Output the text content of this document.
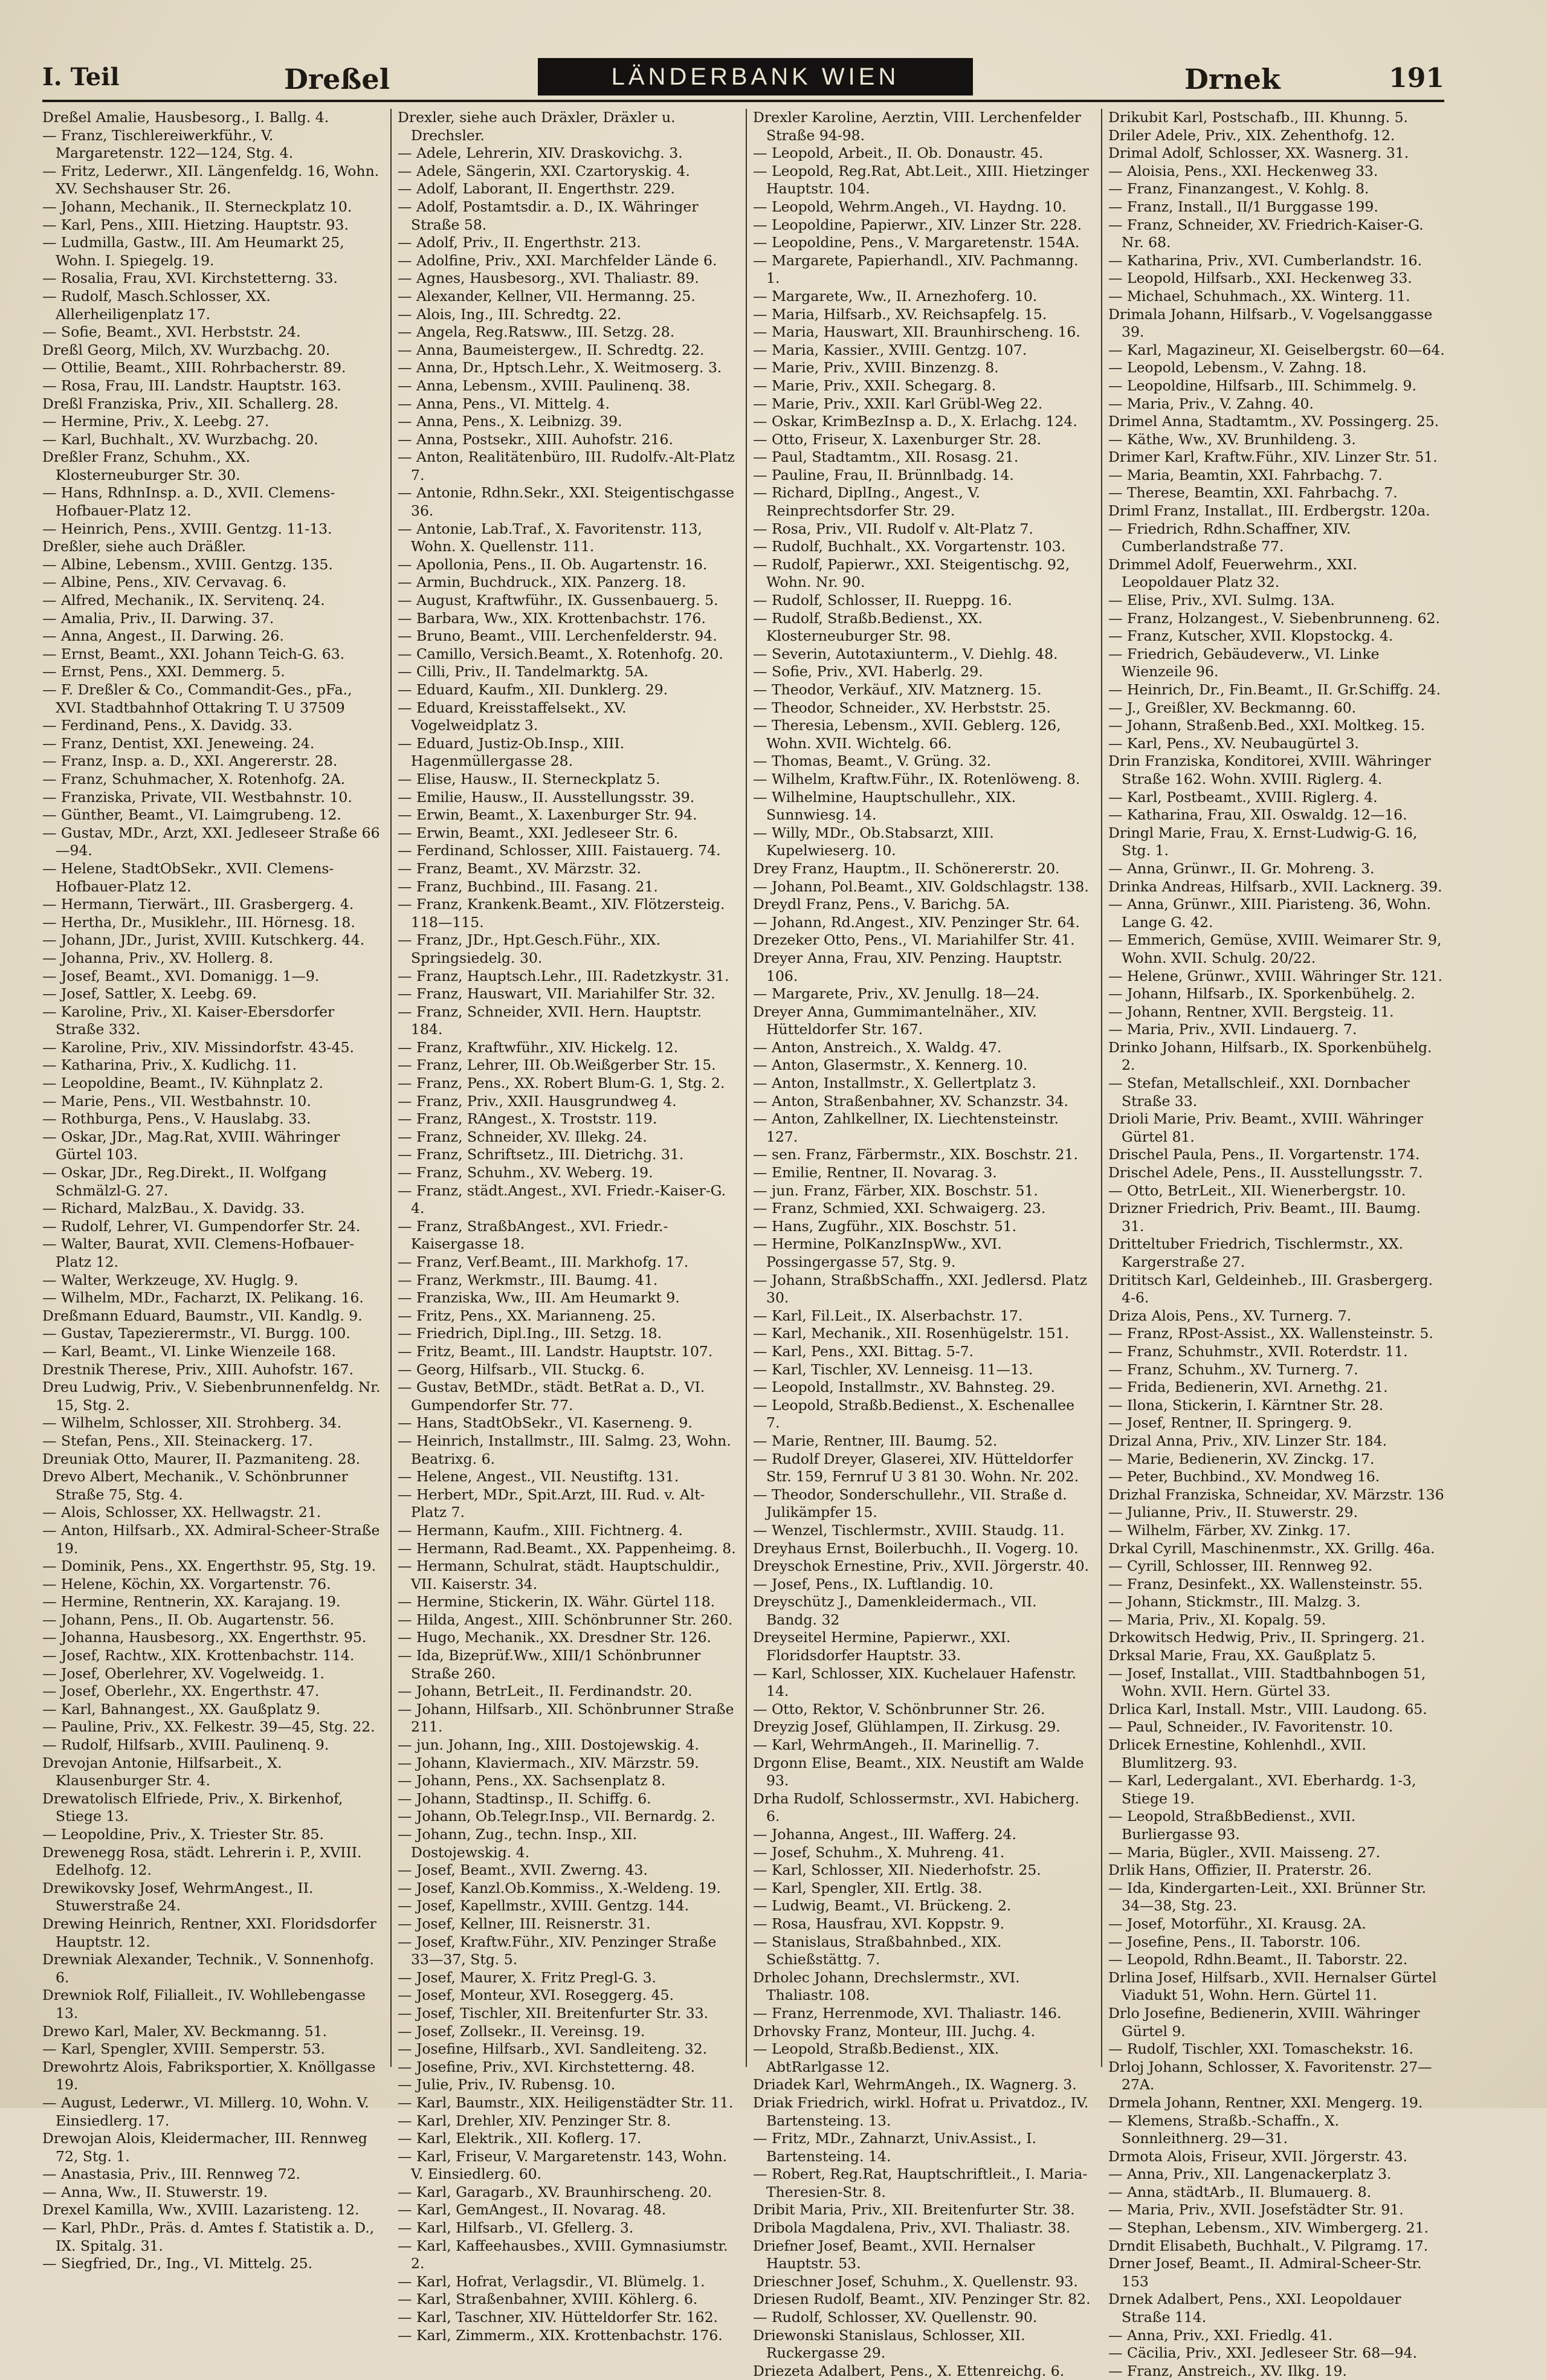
I. Teil	Dreßel	LÄNDERBANK WIEN	Drnek	191

Dreßel Amalie, Hausbesorg., I. Ballg. 4.

— Franz, Tischlereiwerkführ., V. Margaretenstr. 122—124, Stg. 4.

— Fritz, Lederwr., XII. Längenfeldg. 16, Wohn. XV. Sechshauser Str. 26.

— Johann, Mechanik., II. Sterneckplatz 10.

— Karl, Pens., XIII. Hietzing. Hauptstr. 93.

— Ludmilla, Gastw., III. Am Heumarkt 25, Wohn. I. Spiegelg. 19.

— Rosalia, Frau, XVI. Kirchstetterng. 33.

— Rudolf, Masch.Schlosser, XX. Allerheiligenplatz 17.

— Sofie, Beamt., XVI. Herbststr. 24.

Dreßl Georg, Milch, XV. Wurzbachg. 20.

— Ottilie, Beamt., XIII. Rohrbacherstr. 89.

— Rosa, Frau, III. Landstr. Hauptstr. 163.

Dreßl Franziska, Priv., XII. Schallerg. 28.

— Hermine, Priv., X. Leebg. 27.

— Karl, Buchhalt., XV. Wurzbachg. 20.

Dreßler Franz, Schuhm., XX. Klosterneuburger Str. 30.

— Hans, RdhnInsp. a. D., XVII. Clemens-Hofbauer-Platz 12.

— Heinrich, Pens., XVIII. Gentzg. 11-13.

Dreßler, siehe auch Dräßler.

— Albine, Lebensm., XVIII. Gentzg. 135.

— Albine, Pens., XIV. Cervavag. 6.

— Alfred, Mechanik., IX. Servitenq. 24.

— Amalia, Priv., II. Darwing. 37.

— Anna, Angest., II. Darwing. 26.

— Ernst, Beamt., XXI. Johann Teich-G. 63.

— Ernst, Pens., XXI. Demmerg. 5.

— F. Dreßler & Co., Commandit-Ges., pFa., XVI. Stadtbahnhof Ottakring T. U 37509

— Ferdinand, Pens., X. Davidg. 33.

— Franz, Dentist, XXI. Jeneweing. 24.

— Franz, Insp. a. D., XXI. Angererstr. 28.

— Franz, Schuhmacher, X. Rotenhofg. 2A.

— Franziska, Private, VII. Westbahnstr. 10.

— Günther, Beamt., VI. Laimgrubeng. 12.

— Gustav, MDr., Arzt, XXI. Jedleseer Straße 66—94.

— Helene, StadtObSekr., XVII. Clemens-Hofbauer-Platz 12.

— Hermann, Tierwärt., III. Grasbergerg. 4.

— Hertha, Dr., Musiklehr., III. Hörnesg. 18.

— Johann, JDr., Jurist, XVIII. Kutschkerg. 44.

— Johanna, Priv., XV. Hollerg. 8.

— Josef, Beamt., XVI. Domanigg. 1—9.

— Josef, Sattler, X. Leebg. 69.

— Karoline, Priv., XI. Kaiser-Ebersdorfer Straße 332.

— Karoline, Priv., XIV. Missindorfstr. 43-45.

— Katharina, Priv., X. Kudlichg. 11.

— Leopoldine, Beamt., IV. Kühnplatz 2.

— Marie, Pens., VII. Westbahnstr. 10.

— Rothburga, Pens., V. Hauslabg. 33.

— Oskar, JDr., Mag.Rat, XVIII. Währinger Gürtel 103.

— Oskar, JDr., Reg.Direkt., II. Wolfgang Schmälzl-G. 27.

— Richard, MalzBau., X. Davidg. 33.

— Rudolf, Lehrer, VI. Gumpendorfer Str. 24.

— Walter, Baurat, XVII. Clemens-Hofbauer-Platz 12.

— Walter, Werkzeuge, XV. Huglg. 9.

— Wilhelm, MDr., Facharzt, IX. Pelikang. 16.

Dreßmann Eduard, Baumstr., VII. Kandlg. 9.

— Gustav, Tapezierermstr., VI. Burgg. 100.

— Karl, Beamt., VI. Linke Wienzeile 168.

Drestnik Therese, Priv., XIII. Auhofstr. 167.

Dreu Ludwig, Priv., V. Siebenbrunnenfeldg. Nr. 15, Stg. 2.

— Wilhelm, Schlosser, XII. Strohberg. 34.

— Stefan, Pens., XII. Steinackerg. 17.

Dreuniak Otto, Maurer, II. Pazmaniteng. 28.

Drevo Albert, Mechanik., V. Schönbrunner Straße 75, Stg. 4.

— Alois, Schlosser, XX. Hellwagstr. 21.

— Anton, Hilfsarb., XX. Admiral-Scheer-Straße 19.

— Dominik, Pens., XX. Engerthstr. 95, Stg. 19.

— Helene, Köchin, XX. Vorgartenstr. 76.

— Hermine, Rentnerin, XX. Karajang. 19.

— Johann, Pens., II. Ob. Augartenstr. 56.

— Johanna, Hausbesorg., XX. Engerthstr. 95.

— Josef, Rachtw., XIX. Krottenbachstr. 114.

— Josef, Oberlehrer, XV. Vogelweidg. 1.

— Josef, Oberlehr., XX. Engerthstr. 47.

— Karl, Bahnangest., XX. Gaußplatz 9.

— Pauline, Priv., XX. Felkestr. 39—45, Stg. 22.

— Rudolf, Hilfsarb., XVIII. Paulinenq. 9.

Drevojan Antonie, Hilfsarbeit., X. Klausenburger Str. 4.

Drewatolisch Elfriede, Priv., X. Birkenhof, Stiege 13.

— Leopoldine, Priv., X. Triester Str. 85.

Drewenegg Rosa, städt. Lehrerin i. P., XVIII. Edelhofg. 12.

Drewikovsky Josef, WehrmAngest., II. Stuwerstraße 24.

Drewing Heinrich, Rentner, XXI. Floridsdorfer Hauptstr. 12.

Drewniak Alexander, Technik., V. Sonnenhofg. 6.

Drewniok Rolf, Filialleit., IV. Wohllebengasse 13.

Drewo Karl, Maler, XV. Beckmanng. 51.

— Karl, Spengler, XVIII. Semperstr. 53.

Drewohrtz Alois, Fabriksportier, X. Knöllgasse 19.

— August, Lederwr., VI. Millerg. 10, Wohn. V. Einsiedlerg. 17.

Drewojan Alois, Kleidermacher, III. Rennweg 72, Stg. 1.

— Anastasia, Priv., III. Rennweg 72.

— Anna, Ww., II. Stuwerstr. 19.

Drexel Kamilla, Ww., XVIII. Lazaristeng. 12.

— Karl, PhDr., Präs. d. Amtes f. Statistik a. D., IX. Spitalg. 31.

— Siegfried, Dr., Ing., VI. Mittelg. 25.

Drexler, siehe auch Dräxler, Dräxler u. Drechsler.

— Adele, Lehrerin, XIV. Draskovichg. 3.

— Adele, Sängerin, XXI. Czartoryskig. 4.

— Adolf, Laborant, II. Engerthstr. 229.

— Adolf, Postamtsdir. a. D., IX. Währinger Straße 58.

— Adolf, Priv., II. Engerthstr. 213.

— Adolfine, Priv., XXI. Marchfelder Lände 6.

— Agnes, Hausbesorg., XVI. Thaliastr. 89.

— Alexander, Kellner, VII. Hermanng. 25.

— Alois, Ing., III. Schredtg. 22.

— Angela, Reg.Ratsww., III. Setzg. 28.

— Anna, Baumeistergew., II. Schredtg. 22.

— Anna, Dr., Hptsch.Lehr., X. Weitmoserg. 3.

— Anna, Lebensm., XVIII. Paulinenq. 38.

— Anna, Pens., VI. Mittelg. 4.

— Anna, Pens., X. Leibnizg. 39.

— Anna, Postsekr., XIII. Auhofstr. 216.

— Anton, Realitätenbüro, III. Rudolfv.-Alt-Platz 7.

— Antonie, Rdhn.Sekr., XXI. Steigentischgasse 36.

— Antonie, Lab.Traf., X. Favoritenstr. 113, Wohn. X. Quellenstr. 111.

— Apollonia, Pens., II. Ob. Augartenstr. 16.

— Armin, Buchdruck., XIX. Panzerg. 18.

— August, Kraftwführ., IX. Gussenbauerg. 5.

— Barbara, Ww., XIX. Krottenbachstr. 176.

— Bruno, Beamt., VIII. Lerchenfelderstr. 94.

— Camillo, Versich.Beamt., X. Rotenhofg. 20.

— Cilli, Priv., II. Tandelmarktg. 5A.

— Eduard, Kaufm., XII. Dunklerg. 29.

— Eduard, Kreisstaffelsekt., XV. Vogelweidplatz 3.

— Eduard, Justiz-Ob.Insp., XIII. Hagenmüllergasse 28.

— Elise, Hausw., II. Sterneckplatz 5.

— Emilie, Hausw., II. Ausstellungsstr. 39.

— Erwin, Beamt., X. Laxenburger Str. 94.

— Erwin, Beamt., XXI. Jedleseer Str. 6.

— Ferdinand, Schlosser, XIII. Faistauerg. 74.

— Franz, Beamt., XV. Märzstr. 32.

— Franz, Buchbind., III. Fasang. 21.

— Franz, Krankenk.Beamt., XIV. Flötzersteig. 118—115.

— Franz, JDr., Hpt.Gesch.Führ., XIX. Springsiedelg. 30.

— Franz, Hauptsch.Lehr., III. Radetzkystr. 31.

— Franz, Hauswart, VII. Mariahilfer Str. 32.

— Franz, Schneider, XVII. Hern. Hauptstr. 184.

— Franz, Kraftwführ., XIV. Hickelg. 12.

— Franz, Lehrer, III. Ob.Weißgerber Str. 15.

— Franz, Pens., XX. Robert Blum-G. 1, Stg. 2.

— Franz, Priv., XXII. Hausgrundweg 4.

— Franz, RAngest., X. Troststr. 119.

— Franz, Schneider, XV. Illekg. 24.

— Franz, Schriftsetz., III. Dietrichg. 31.

— Franz, Schuhm., XV. Weberg. 19.

— Franz, städt.Angest., XVI. Friedr.-Kaiser-G. 4.

— Franz, StraßbAngest., XVI. Friedr.-Kaisergasse 18.

— Franz, Verf.Beamt., III. Markhofg. 17.

— Franz, Werkmstr., III. Baumg. 41.

— Franziska, Ww., III. Am Heumarkt 9.

— Fritz, Pens., XX. Marianneng. 25.

— Friedrich, Dipl.Ing., III. Setzg. 18.

— Fritz, Beamt., III. Landstr. Hauptstr. 107.

— Georg, Hilfsarb., VII. Stuckg. 6.

— Gustav, BetMDr., städt. BetRat a. D., VI. Gumpendorfer Str. 77.

— Hans, StadtObSekr., VI. Kaserneng. 9.

— Heinrich, Installmstr., III. Salmg. 23, Wohn. Beatrixg. 6.

— Helene, Angest., VII. Neustiftg. 131.

— Herbert, MDr., Spit.Arzt, III. Rud. v. Alt-Platz 7.

— Hermann, Kaufm., XIII. Fichtnerg. 4.

— Hermann, Rad.Beamt., XX. Pappenheimg. 8.

— Hermann, Schulrat, städt. Hauptschuldir., VII. Kaiserstr. 34.

— Hermine, Stickerin, IX. Währ. Gürtel 118.

— Hilda, Angest., XIII. Schönbrunner Str. 260.

— Hugo, Mechanik., XX. Dresdner Str. 126.

— Ida, Bizeprüf.Ww., XIII/1 Schönbrunner Straße 260.

— Johann, BetrLeit., II. Ferdinandstr. 20.

— Johann, Hilfsarb., XII. Schönbrunner Straße 211.

— jun. Johann, Ing., XIII. Dostojewskig. 4.

— Johann, Klaviermach., XIV. Märzstr. 59.

— Johann, Pens., XX. Sachsenplatz 8.

— Johann, Stadtinsp., II. Schiffg. 6.

— Johann, Ob.Telegr.Insp., VII. Bernardg. 2.

— Johann, Zug., techn. Insp., XII. Dostojewskig. 4.

— Josef, Beamt., XVII. Zwerng. 43.

— Josef, Kanzl.Ob.Kommiss., X.-Weldeng. 19.

— Josef, Kapellmstr., XVIII. Gentzg. 144.

— Josef, Kellner, III. Reisnerstr. 31.

— Josef, Kraftw.Führ., XIV. Penzinger Straße 33—37, Stg. 5.

— Josef, Maurer, X. Fritz Pregl-G. 3.

— Josef, Monteur, XVI. Roseggerg. 45.

— Josef, Tischler, XII. Breitenfurter Str. 33.

— Josef, Zollsekr., II. Vereinsg. 19.

— Josefine, Hilfsarb., XVI. Sandleiteng. 32.

— Josefine, Priv., XVI. Kirchstetterng. 48.

— Julie, Priv., IV. Rubensg. 10.

— Karl, Baumstr., XIX. Heiligenstädter Str. 11.

— Karl, Drehler, XIV. Penzinger Str. 8.

— Karl, Elektrik., XII. Koflerg. 17.

— Karl, Friseur, V. Margaretenstr. 143, Wohn. V. Einsiedlerg. 60.

— Karl, Garagarb., XV. Braunhirscheng. 20.

— Karl, GemAngest., II. Novarag. 48.

— Karl, Hilfsarb., VI. Gfellerg. 3.

— Karl, Kaffeehausbes., XVIII. Gymnasiumstr. 2.

— Karl, Hofrat, Verlagsdir., VI. Blümelg. 1.

— Karl, Straßenbahner, XVIII. Köhlerg. 6.

— Karl, Taschner, XIV. Hütteldorfer Str. 162.

— Karl, Zimmerm., XIX. Krottenbachstr. 176.

Drexler Karoline, Aerztin, VIII. Lerchenfelder Straße 94-98.

— Leopold, Arbeit., II. Ob. Donaustr. 45.

— Leopold, Reg.Rat, Abt.Leit., XIII. Hietzinger Hauptstr. 104.

— Leopold, Wehrm.Angeh., VI. Haydng. 10.

— Leopoldine, Papierwr., XIV. Linzer Str. 228.

— Leopoldine, Pens., V. Margaretenstr. 154A.

— Margarete, Papierhandl., XIV. Pachmanng. 1.

— Margarete, Ww., II. Arnezhoferg. 10.

— Maria, Hilfsarb., XV. Reichsapfelg. 15.

— Maria, Hauswart, XII. Braunhirscheng. 16.

— Maria, Kassier., XVIII. Gentzg. 107.

— Marie, Priv., XVIII. Binzenzg. 8.

— Marie, Priv., XXII. Schegarg. 8.

— Marie, Priv., XXII. Karl Grübl-Weg 22.

— Oskar, KrimBezInsp a. D., X. Erlachg. 124.

— Otto, Friseur, X. Laxenburger Str. 28.

— Paul, Stadtamtm., XII. Rosasg. 21.

— Pauline, Frau, II. Brünnlbadg. 14.

— Richard, DiplIng., Angest., V. Reinprechtsdorfer Str. 29.

— Rosa, Priv., VII. Rudolf v. Alt-Platz 7.

— Rudolf, Buchhalt., XX. Vorgartenstr. 103.

— Rudolf, Papierwr., XXI. Steigentischg. 92, Wohn. Nr. 90.

— Rudolf, Schlosser, II. Rueppg. 16.

— Rudolf, Straßb.Bedienst., XX. Klosterneuburger Str. 98.

— Severin, Autotaxiunterm., V. Diehlg. 48.

— Sofie, Priv., XVI. Haberlg. 29.

— Theodor, Verkäuf., XIV. Matznerg. 15.

— Theodor, Schneider., XV. Herbststr. 25.

— Theresia, Lebensm., XVII. Geblerg. 126, Wohn. XVII. Wichtelg. 66.

— Thomas, Beamt., V. Grüng. 32.

— Wilhelm, Kraftw.Führ., IX. Rotenlöweng. 8.

— Wilhelmine, Hauptschullehr., XIX. Sunnwiesg. 14.

— Willy, MDr., Ob.Stabsarzt, XIII. Kupelwieserg. 10.

Drey Franz, Hauptm., II. Schönererstr. 20.

— Johann, Pol.Beamt., XIV. Goldschlagstr. 138.

Dreydl Franz, Pens., V. Barichg. 5A.

— Johann, Rd.Angest., XIV. Penzinger Str. 64.

Drezeker Otto, Pens., VI. Mariahilfer Str. 41.

Dreyer Anna, Frau, XIV. Penzing. Hauptstr. 106.

— Margarete, Priv., XV. Jenullg. 18—24.

Dreyer Anna, Gummimantelnäher., XIV. Hütteldorfer Str. 167.

— Anton, Anstreich., X. Waldg. 47.

— Anton, Glasermstr., X. Kennerg. 10.

— Anton, Installmstr., X. Gellertplatz 3.

— Anton, Straßenbahner, XV. Schanzstr. 34.

— Anton, Zahlkellner, IX. Liechtensteinstr. 127.

— sen. Franz, Färbermstr., XIX. Boschstr. 21.

— Emilie, Rentner, II. Novarag. 3.

— jun. Franz, Färber, XIX. Boschstr. 51.

— Franz, Schmied, XXI. Schwaigerg. 23.

— Hans, Zugführ., XIX. Boschstr. 51.

— Hermine, PolKanzInspWw., XVI. Possingergasse 57, Stg. 9.

— Johann, StraßbSchaffn., XXI. Jedlersd. Platz 30.

— Karl, Fil.Leit., IX. Alserbachstr. 17.

— Karl, Mechanik., XII. Rosenhügelstr. 151.

— Karl, Pens., XXI. Bittag. 5-7.

— Karl, Tischler, XV. Lenneisg. 11—13.

— Leopold, Installmstr., XV. Bahnsteg. 29.

— Leopold, Straßb.Bedienst., X. Eschenallee 7.

— Marie, Rentner, III. Baumg. 52.

— Rudolf Dreyer, Glaserei, XIV. Hütteldorfer Str. 159, Fernruf U 3 81 30. Wohn. Nr. 202.

— Theodor, Sonderschullehr., VII. Straße d. Julikämpfer 15.

— Wenzel, Tischlermstr., XVIII. Staudg. 11.

Dreyhaus Ernst, Boilerbuchh., II. Vogerg. 10.

Dreyschok Ernestine, Priv., XVII. Jörgerstr. 40.

— Josef, Pens., IX. Luftlandig. 10.

Dreyschütz J., Damenkleidermach., VII. Bandg. 32

Dreyseitel Hermine, Papierwr., XXI. Floridsdorfer Hauptstr. 33.

— Karl, Schlosser, XIX. Kuchelauer Hafenstr. 14.

— Otto, Rektor, V. Schönbrunner Str. 26.

Dreyzig Josef, Glühlampen, II. Zirkusg. 29.

— Karl, WehrmAngeh., II. Marinellig. 7.

Drgonn Elise, Beamt., XIX. Neustift am Walde 93.

Drha Rudolf, Schlossermstr., XVI. Habicherg. 6.

— Johanna, Angest., III. Wafferg. 24.

— Josef, Schuhm., X. Muhreng. 41.

— Karl, Schlosser, XII. Niederhofstr. 25.

— Karl, Spengler, XII. Ertlg. 38.

— Ludwig, Beamt., VI. Brückeng. 2.

— Rosa, Hausfrau, XVI. Koppstr. 9.

— Stanislaus, Straßbahnbed., XIX. Schießstättg. 7.

Drholec Johann, Drechslermstr., XVI. Thaliastr. 108.

— Franz, Herrenmode, XVI. Thaliastr. 146.

Drhovsky Franz, Monteur, III. Juchg. 4.

— Leopold, Straßb.Bedienst., XIX. AbtRarlgasse 12.

Driadek Karl, WehrmAngeh., IX. Wagnerg. 3.

Driak Friedrich, wirkl. Hofrat u. Privatdoz., IV. Bartensteing. 13.

— Fritz, MDr., Zahnarzt, Univ.Assist., I. Bartensteing. 14.

— Robert, Reg.Rat, Hauptschriftleit., I. Maria-Theresien-Str. 8.

Dribit Maria, Priv., XII. Breitenfurter Str. 38.

Dribola Magdalena, Priv., XVI. Thaliastr. 38.

Driefner Josef, Beamt., XVII. Hernalser Hauptstr. 53.

Drieschner Josef, Schuhm., X. Quellenstr. 93.

Driesen Rudolf, Beamt., XIV. Penzinger Str. 82.

— Rudolf, Schlosser, XV. Quellenstr. 90.

Driewonski Stanislaus, Schlosser, XII. Ruckergasse 29.

Driezeta Adalbert, Pens., X. Ettenreichg. 6.

Drikubit Karl, Postschafb., III. Khunng. 5.

Driler Adele, Priv., XIX. Zehenthofg. 12.

Drimal Adolf, Schlosser, XX. Wasnerg. 31.

— Aloisia, Pens., XXI. Heckenweg 33.

— Franz, Finanzangest., V. Kohlg. 8.

— Franz, Install., II/1 Burggasse 199.

— Franz, Schneider, XV. Friedrich-Kaiser-G. Nr. 68.

— Katharina, Priv., XVI. Cumberlandstr. 16.

— Leopold, Hilfsarb., XXI. Heckenweg 33.

— Michael, Schuhmach., XX. Winterg. 11.

Drimala Johann, Hilfsarb., V. Vogelsanggasse 39.

— Karl, Magazineur, XI. Geiselbergstr. 60—64.

— Leopold, Lebensm., V. Zahng. 18.

— Leopoldine, Hilfsarb., III. Schimmelg. 9.

— Maria, Priv., V. Zahng. 40.

Drimel Anna, Stadtamtm., XV. Possingerg. 25.

— Käthe, Ww., XV. Brunhildeng. 3.

Drimer Karl, Kraftw.Führ., XIV. Linzer Str. 51.

— Maria, Beamtin, XXI. Fahrbachg. 7.

— Therese, Beamtin, XXI. Fahrbachg. 7.

Driml Franz, Installat., III. Erdbergstr. 120a.

— Friedrich, Rdhn.Schaffner, XIV. Cumberlandstraße 77.

Drimmel Adolf, Feuerwehrm., XXI. Leopoldauer Platz 32.

— Elise, Priv., XVI. Sulmg. 13A.

— Franz, Holzangest., V. Siebenbrunneng. 62.

— Franz, Kutscher, XVII. Klopstockg. 4.

— Friedrich, Gebäudeverw., VI. Linke Wienzeile 96.

— Heinrich, Dr., Fin.Beamt., II. Gr.Schiffg. 24.

— J., Greißler, XV. Beckmanng. 60.

— Johann, Straßenb.Bed., XXI. Moltkeg. 15.

— Karl, Pens., XV. Neubaugürtel 3.

Drin Franziska, Konditorei, XVIII. Währinger Straße 162. Wohn. XVIII. Riglerg. 4.

— Karl, Postbeamt., XVIII. Riglerg. 4.

— Katharina, Frau, XII. Oswaldg. 12—16.

Dringl Marie, Frau, X. Ernst-Ludwig-G. 16, Stg. 1.

— Anna, Grünwr., II. Gr. Mohreng. 3.

Drinka Andreas, Hilfsarb., XVII. Lacknerg. 39.

— Anna, Grünwr., XIII. Piaristeng. 36, Wohn. Lange G. 42.

— Emmerich, Gemüse, XVIII. Weimarer Str. 9, Wohn. XVII. Schulg. 20/22.

— Helene, Grünwr., XVIII. Währinger Str. 121.

— Johann, Hilfsarb., IX. Sporkenbühelg. 2.

— Johann, Rentner, XVII. Bergsteig. 11.

— Maria, Priv., XVII. Lindauerg. 7.

Drinko Johann, Hilfsarb., IX. Sporkenbühelg. 2.

— Stefan, Metallschleif., XXI. Dornbacher Straße 33.

Drioli Marie, Priv. Beamt., XVIII. Währinger Gürtel 81.

Drischel Paula, Pens., II. Vorgartenstr. 174.

Drischel Adele, Pens., II. Ausstellungsstr. 7.

— Otto, BetrLeit., XII. Wienerbergstr. 10.

Drizner Friedrich, Priv. Beamt., III. Baumg. 31.

Dritteltuber Friedrich, Tischlermstr., XX. Kargerstraße 27.

Drititsch Karl, Geldeinheb., III. Grasbergerg. 4-6.

Driza Alois, Pens., XV. Turnerg. 7.

— Franz, RPost-Assist., XX. Wallensteinstr. 5.

— Franz, Schuhmstr., XVII. Roterdstr. 11.

— Franz, Schuhm., XV. Turnerg. 7.

— Frida, Bedienerin, XVI. Arnethg. 21.

— Ilona, Stickerin, I. Kärntner Str. 28.

— Josef, Rentner, II. Springerg. 9.

Drizal Anna, Priv., XIV. Linzer Str. 184.

— Marie, Bedienerin, XV. Zinckg. 17.

— Peter, Buchbind., XV. Mondweg 16.

Drizhal Franziska, Schneidar, XV. Märzstr. 136

— Julianne, Priv., II. Stuwerstr. 29.

— Wilhelm, Färber, XV. Zinkg. 17.

Drkal Cyrill, Maschinenmstr., XX. Grillg. 46a.

— Cyrill, Schlosser, III. Rennweg 92.

— Franz, Desinfekt., XX. Wallensteinstr. 55.

— Johann, Stickmstr., III. Malzg. 3.

— Maria, Priv., XI. Kopalg. 59.

Drkowitsch Hedwig, Priv., II. Springerg. 21.

Drksal Marie, Frau, XX. Gaußplatz 5.

— Josef, Installat., VIII. Stadtbahnbogen 51, Wohn. XVII. Hern. Gürtel 33.

Drlica Karl, Install. Mstr., VIII. Laudong. 65.

— Paul, Schneider., IV. Favoritenstr. 10.

Drlicek Ernestine, Kohlenhdl., XVII. Blumlitzerg. 93.

— Karl, Ledergalant., XVI. Eberhardg. 1-3, Stiege 19.

— Leopold, StraßbBedienst., XVII. Burliergasse 93.

— Maria, Bügler., XVII. Maisseng. 27.

Drlik Hans, Offizier, II. Praterstr. 26.

— Ida, Kindergarten-Leit., XXI. Brünner Str. 34—38, Stg. 23.

— Josef, Motorführ., XI. Krausg. 2A.

— Josefine, Pens., II. Taborstr. 106.

— Leopold, Rdhn.Beamt., II. Taborstr. 22.

Drlina Josef, Hilfsarb., XVII. Hernalser Gürtel Viadukt 51, Wohn. Hern. Gürtel 11.

Drlo Josefine, Bedienerin, XVIII. Währinger Gürtel 9.

— Rudolf, Tischler, XXI. Tomaschekstr. 16.

Drloj Johann, Schlosser, X. Favoritenstr. 27—27A.

Drmela Johann, Rentner, XXI. Mengerg. 19.

— Klemens, Straßb.-Schaffn., X. Sonnleithnerg. 29—31.

Drmota Alois, Friseur, XVII. Jörgerstr. 43.

— Anna, Priv., XII. Langenackerplatz 3.

— Anna, städtArb., II. Blumauerg. 8.

— Maria, Priv., XVII. Josefstädter Str. 91.

— Stephan, Lebensm., XIV. Wimbergerg. 21.

Drndit Elisabeth, Buchhalt., V. Pilgramg. 17.

Drner Josef, Beamt., II. Admiral-Scheer-Str. 153

Drnek Adalbert, Pens., XXI. Leopoldauer Straße 114.

— Anna, Priv., XXI. Friedlg. 41.

— Cäcilia, Priv., XXI. Jedleseer Str. 68—94.

— Franz, Anstreich., XV. Ilkg. 19.
